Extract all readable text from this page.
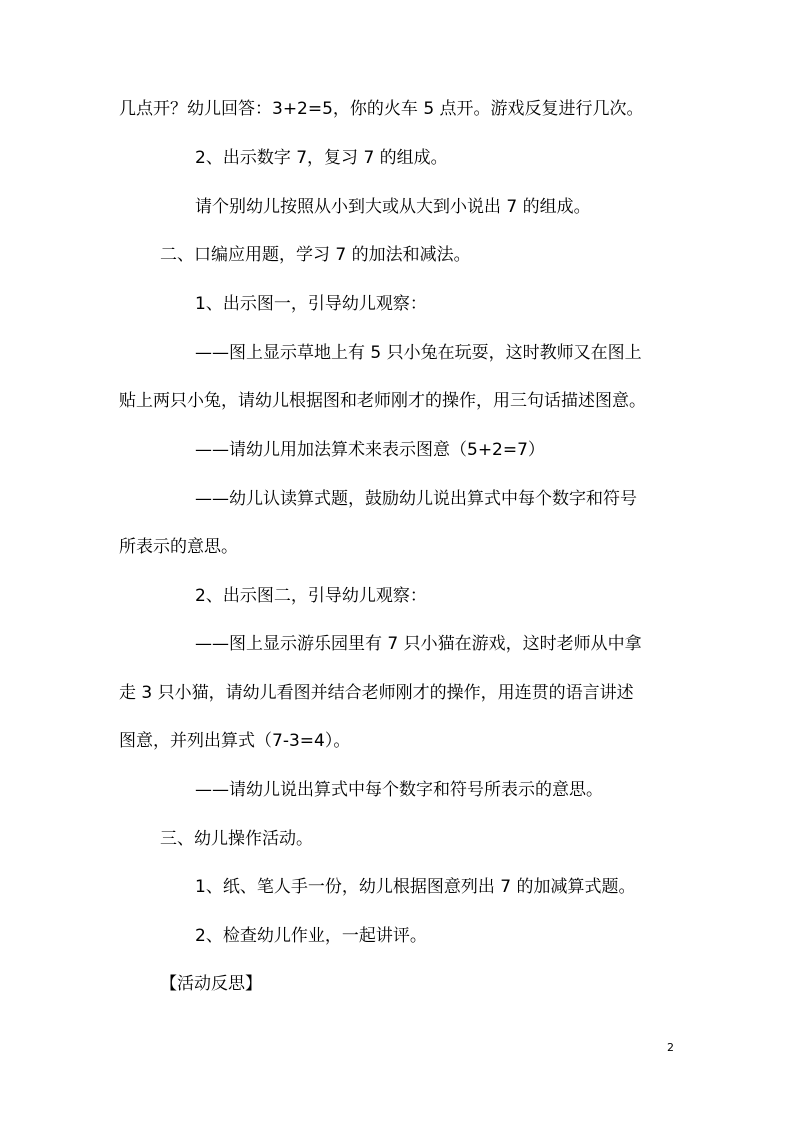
几点开？幼儿回答：3+2=5，你的火车 5 点开。游戏反复进行几次。
2、出示数字 7，复习 7 的组成。
请个别幼儿按照从小到大或从大到小说出 7 的组成。
二、口编应用题，学习 7 的加法和减法。
1、出示图一，引导幼儿观察：
——图上显示草地上有 5 只小兔在玩耍，这时教师又在图上
贴上两只小兔，请幼儿根据图和老师刚才的操作，用三句话描述图意。
——请幼儿用加法算术来表示图意（5+2=7）
——幼儿认读算式题，鼓励幼儿说出算式中每个数字和符号
所表示的意思。
2、出示图二，引导幼儿观察：
——图上显示游乐园里有 7 只小猫在游戏，这时老师从中拿
走 3 只小猫，请幼儿看图并结合老师刚才的操作，用连贯的语言讲述
图意，并列出算式（7-3=4）。
——请幼儿说出算式中每个数字和符号所表示的意思。
三、幼儿操作活动。
1、纸、笔人手一份，幼儿根据图意列出 7 的加减算式题。
2、检查幼儿作业，一起讲评。
【活动反思】
2
